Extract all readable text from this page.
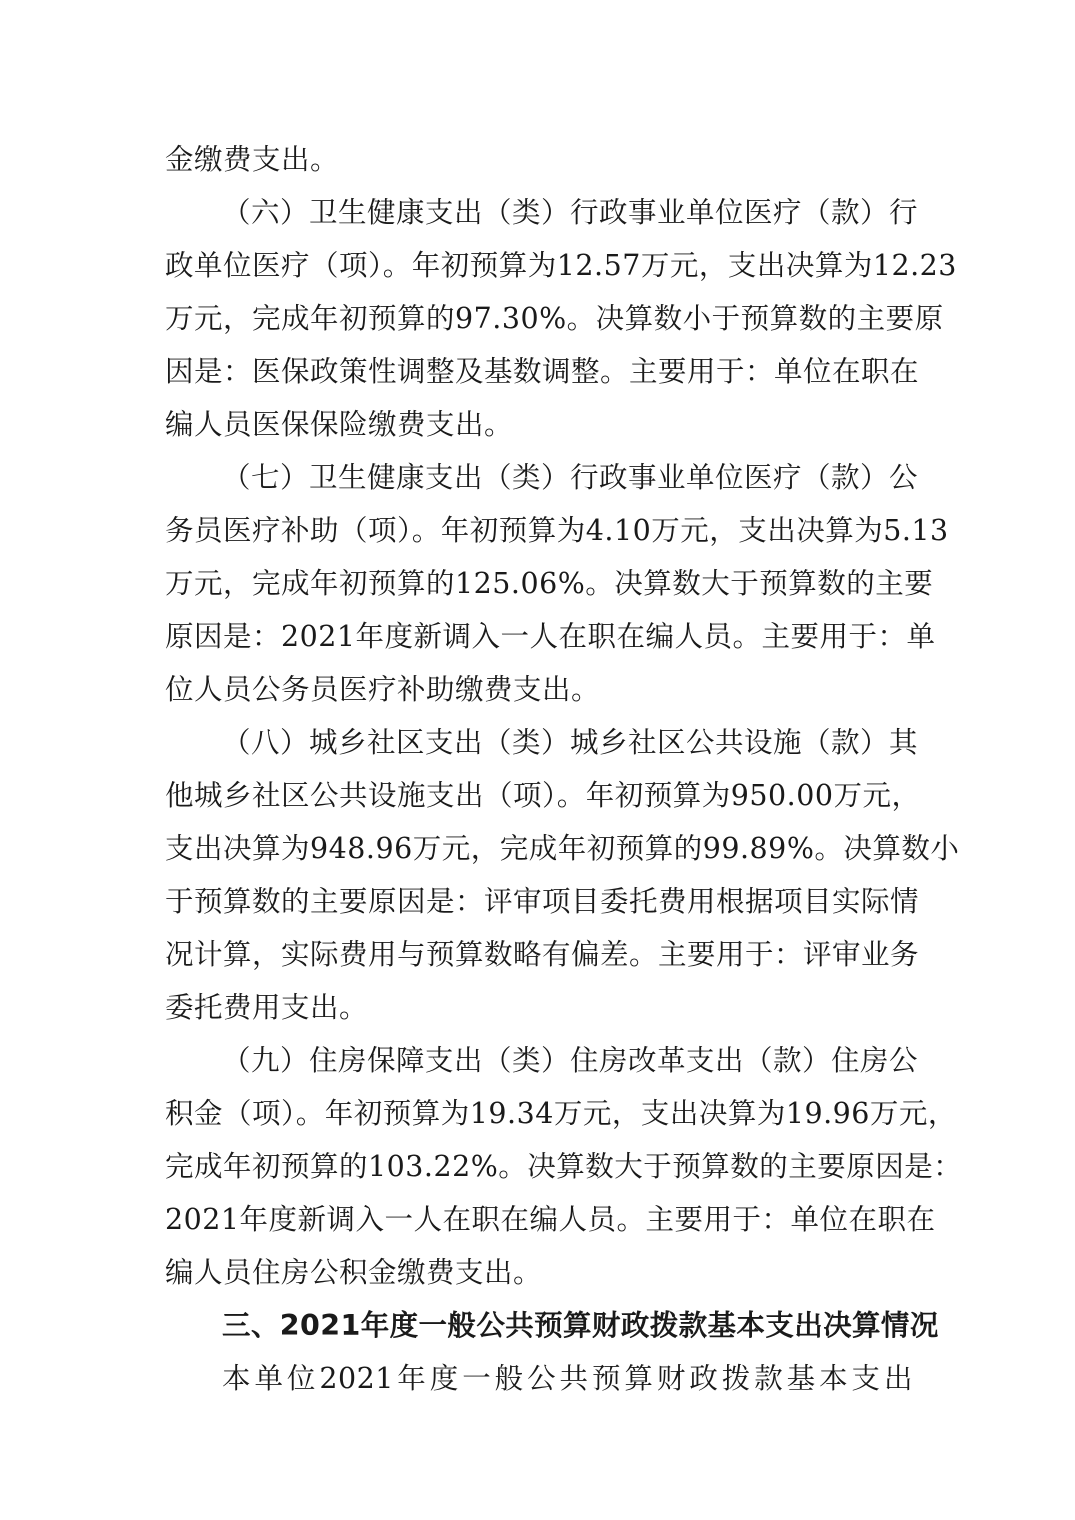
金缴费支出。
（六）卫生健康支出（类）行政事业单位医疗（款）行
政单位医疗（项）。年初预算为12.57万元，支出决算为12.23
万元，完成年初预算的97.30%。决算数小于预算数的主要原
因是：医保政策性调整及基数调整。主要用于：单位在职在
编人员医保保险缴费支出。
（七）卫生健康支出（类）行政事业单位医疗（款）公
务员医疗补助（项）。年初预算为4.10万元，支出决算为5.13
万元，完成年初预算的125.06%。决算数大于预算数的主要
原因是：2021年度新调入一人在职在编人员。主要用于：单
位人员公务员医疗补助缴费支出。
（八）城乡社区支出（类）城乡社区公共设施（款）其
他城乡社区公共设施支出（项）。年初预算为950.00万元，
支出决算为948.96万元，完成年初预算的99.89%。决算数小
于预算数的主要原因是：评审项目委托费用根据项目实际情
况计算，实际费用与预算数略有偏差。主要用于：评审业务
委托费用支出。
（九）住房保障支出（类）住房改革支出（款）住房公
积金（项）。年初预算为19.34万元，支出决算为19.96万元，
完成年初预算的103.22%。决算数大于预算数的主要原因是：
2021年度新调入一人在职在编人员。主要用于：单位在职在
编人员住房公积金缴费支出。
三、2021年度一般公共预算财政拨款基本支出决算情况
本单位2021年度一般公共预算财政拨款基本支出
